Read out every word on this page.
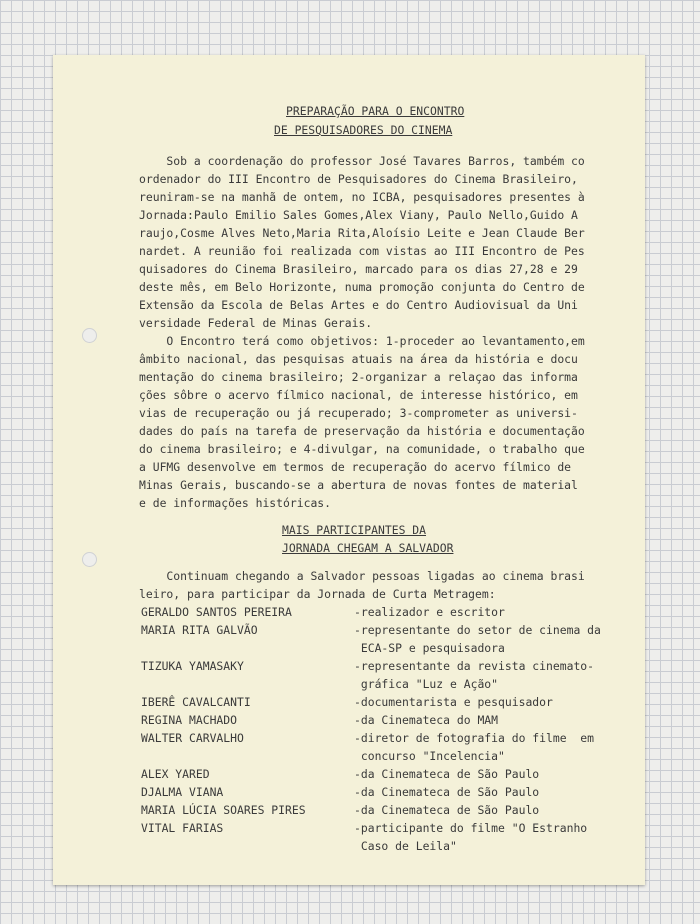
PREPARAÇÃO PARA O ENCONTRO

DE PESQUISADORES DO CINEMA

Sob a coordenação do professor José Tavares Barros, também co

ordenador do III Encontro de Pesquisadores do Cinema Brasileiro,

reuniram-se na manhã de ontem, no ICBA, pesquisadores presentes à

Jornada:Paulo Emilio Sales Gomes,Alex Viany, Paulo Nello,Guido A

raujo,Cosme Alves Neto,Maria Rita,Aloísio Leite e Jean Claude Ber

nardet. A reunião foi realizada com vistas ao III Encontro de Pes

quisadores do Cinema Brasileiro, marcado para os dias 27,28 e 29

deste mês, em Belo Horizonte, numa promoção conjunta do Centro de

Extensão da Escola de Belas Artes e do Centro Audiovisual da Uni

versidade Federal de Minas Gerais.

O Encontro terá como objetivos: 1-proceder ao levantamento,em

âmbito nacional, das pesquisas atuais na área da história e docu

mentação do cinema brasileiro; 2-organizar a relaçao das informa

ções sôbre o acervo fílmico nacional, de interesse histórico, em

vias de recuperação ou já recuperado; 3-comprometer as universi-

dades do país na tarefa de preservação da história e documentação

do cinema brasileiro; e 4-divulgar, na comunidade, o trabalho que

a UFMG desenvolve em termos de recuperação do acervo fílmico de

Minas Gerais, buscando-se a abertura de novas fontes de material

e de informações históricas.

MAIS PARTICIPANTES DA

JORNADA CHEGAM A SALVADOR

Continuam chegando a Salvador pessoas ligadas ao cinema brasi

leiro, para participar da Jornada de Curta Metragem:

GERALDO SANTOS PEREIRA

	-realizador e escritor

MARIA RITA GALVÃO

	-representante do setor de cinema da

ECA-SP e pesquisadora

TIZUKA YAMASAKY

	-representante da revista cinemato-

gráfica "Luz e Ação"

IBERÊ CAVALCANTI

	-documentarista e pesquisador

REGINA MACHADO

	-da Cinemateca do MAM

WALTER CARVALHO

	-diretor de fotografia do filme  em

concurso "Incelencia"

ALEX YARED

	-da Cinemateca de São Paulo

DJALMA VIANA

	-da Cinemateca de São Paulo

MARIA LÚCIA SOARES PIRES

	-da Cinemateca de São Paulo

VITAL FARIAS

	-participante do filme "O Estranho

Caso de Leila"
